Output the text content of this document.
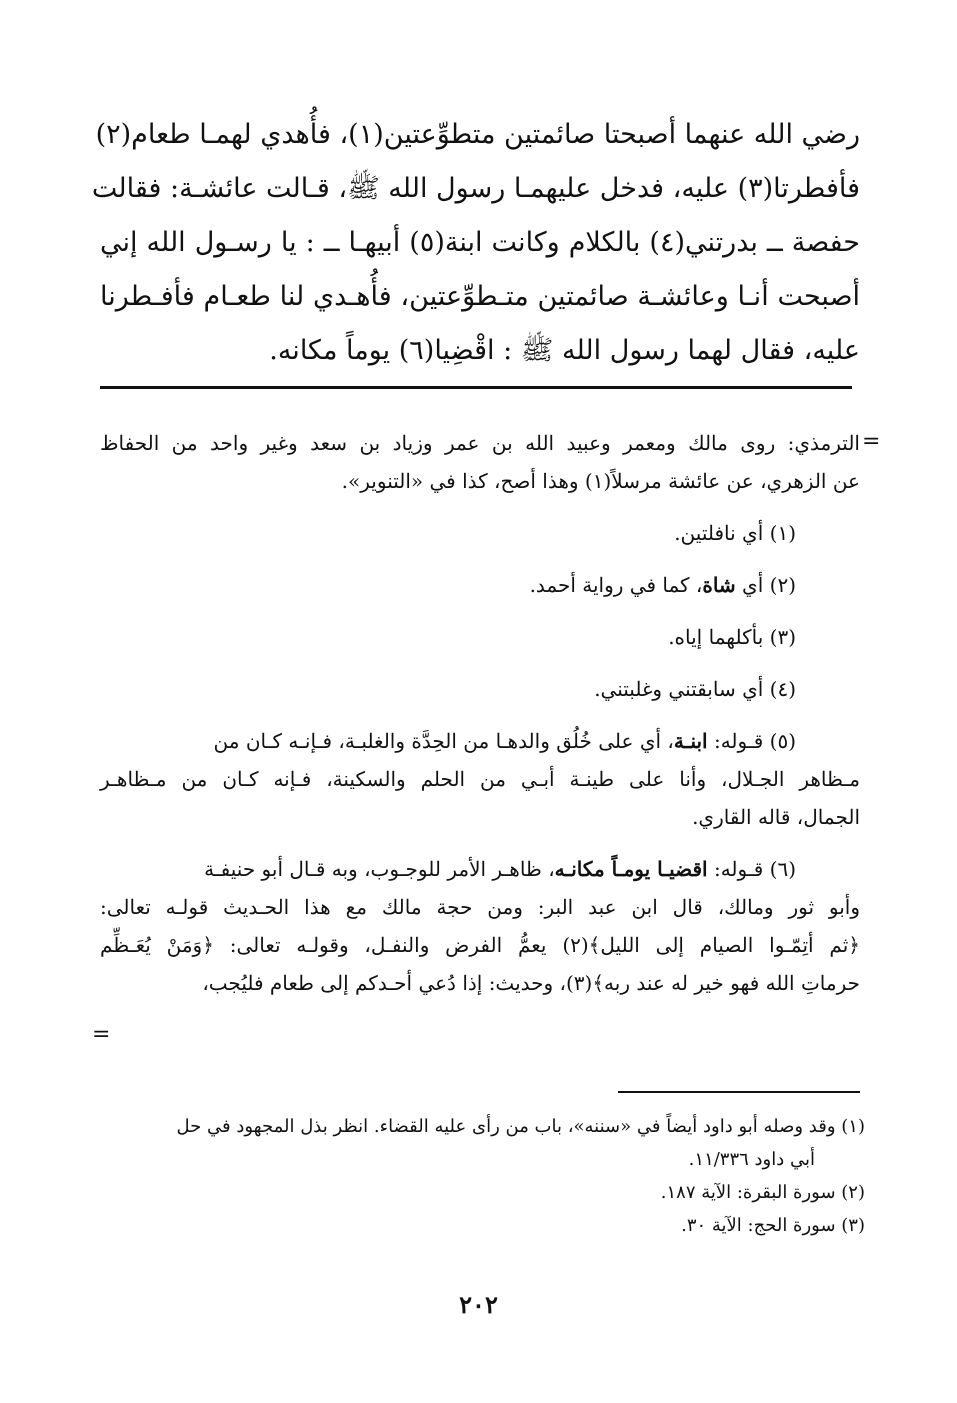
رضي الله عنهما أصبحتا صائمتين متطوِّعتين(١)، فأُهدي لهمـا طعام(٢)
فأفطرتا(٣) عليه، فدخل عليهمـا رسول الله ﷺ، قـالت عائشـة: فقالت
حفصة ــ بدرتني(٤) بالكلام وكانت ابنة(٥) أبيهـا ــ : يا رسـول الله إني
أصبحت أنـا وعائشـة صائمتين متـطوِّعتين، فأُهـدي لنا طعـام فأفـطرنا
عليه، فقال لهما رسول الله ﷺ : اقْضِيا(٦) يوماً مكانه.

=

الترمذي: روى مالك ومعمر وعبيد الله بن عمر وزياد بن سعد وغير واحد من الحفاظ

عن الزهري، عن عائشة مرسلاً(١) وهذا أصح، كذا في «التنوير».

(١) أي نافلتين.

(٢) أي شاة، كما في رواية أحمد.

(٣) بأكلهما إياه.

(٤) أي سابقتني وغلبتني.

(٥) قـوله: ابنـة، أي على خُلُق والدهـا من الحِدَّة والغلبـة، فـإنـه كـان من

مـظاهر الجـلال، وأنا على طينـة أبـي من الحلم والسكينة، فـإنه كـان من مـظاهـر

الجمال، قاله القاري.

(٦) قـوله: اقضيـا يومـاً مكانـه، ظاهـر الأمر للوجـوب، وبه قـال أبو حنيفـة

وأبو ثور ومالك، قال ابن عبد البر: ومن حجة مالك مع هذا الحـديث قولـه تعالى:

﴿ثم أتِمّـوا الصيام إلى الليل﴾(٢) يعمُّ الفرض والنفـل، وقولـه تعالى: ﴿وَمَنْ يُعَـظِّم

حرماتِ الله فهو خير له عند ربه﴾(٣)، وحديث: إذا دُعي أحـدكم إلى طعام فليُجب،

=

(١) وقد وصله أبو داود أيضاً في «سننه»، باب من رأى عليه القضاء. انظر بذل المجهود في حل

أبي داود ١١/٣٣٦.

(٢) سورة البقرة: الآية ١٨٧.

(٣) سورة الحج: الآية ٣٠.

٢٠٢
